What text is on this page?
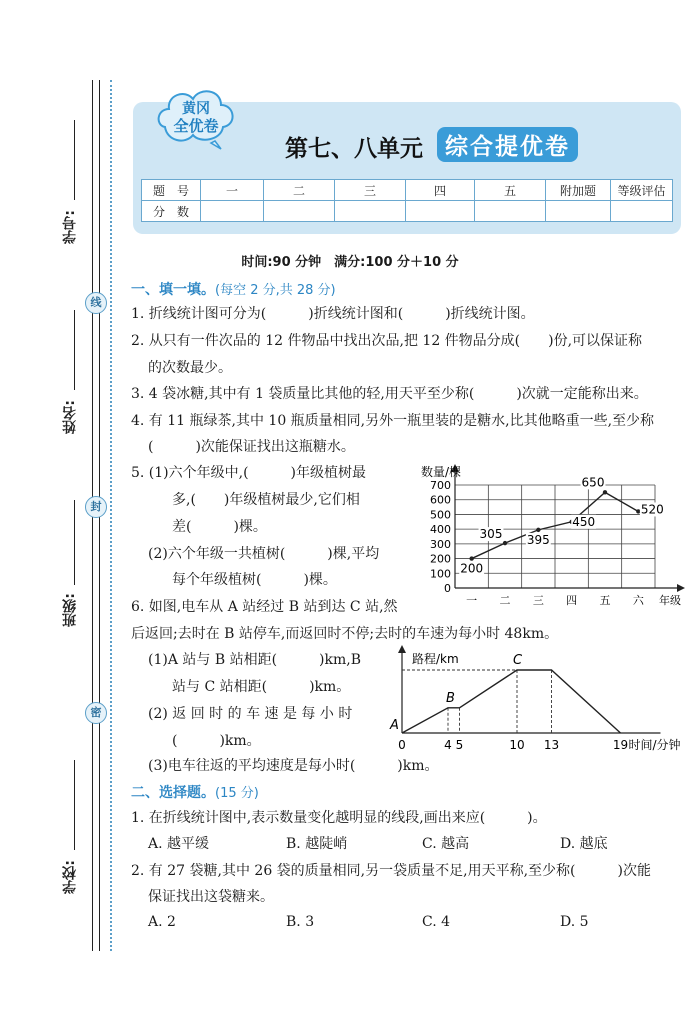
线
封
密
学号:
姓名:
班级:
学校:
黄冈
全优卷
第七、八单元 综合提优卷
题　号	一	二	三	四	五	附加题	等级评估
分　数							
时间:90 分钟　满分:100 分＋10 分
一、填一填。(每空 2 分,共 28 分)
1. 折线统计图可分为(　　　)折线统计图和(　　　)折线统计图。
2. 从只有一件次品的 12 件物品中找出次品,把 12 件物品分成(　　)份,可以保证称
的次数最少。
3. 4 袋冰糖,其中有 1 袋质量比其他的轻,用天平至少称(　　　)次就一定能称出来。
4. 有 11 瓶绿茶,其中 10 瓶质量相同,另外一瓶里装的是糖水,比其他略重一些,至少称
(　　　)次能保证找出这瓶糖水。
5. (1)六个年级中,(　　　)年级植树最
多,(　　)年级植树最少,它们相
差(　　　)棵。
(2)六个年级一共植树(　　　)棵,平均
每个年级植树(　　　)棵。
0
100
200
300
400
500
600
700
一 二 三 四 五 六
数量/棵
年级
200
305 395
450
650
520
6. 如图,电车从 A 站经过 B 站到达 C 站,然
后返回;去时在 B 站停车,而返回时不停;去时的车速为每小时 48km。
(1)A 站与 B 站相距(　　　)km,B
站与 C 站相距(　　　)km。
(2) 返 回 时 的 车 速 是 每 小 时
(　　　)km。
(3)电车往返的平均速度是每小时(　　　)km。
路程/km
时间/分钟
0	4 5	10 13	19
A
B
C
二、选择题。(15 分)
1. 在折线统计图中,表示数量变化越明显的线段,画出来应(　　　)。
A. 越平缓	B. 越陡峭	C. 越高	D. 越底
2. 有 27 袋糖,其中 26 袋的质量相同,另一袋质量不足,用天平称,至少称(　　　)次能
保证找出这袋糖来。
A. 2	B. 3	C. 4	D. 5
